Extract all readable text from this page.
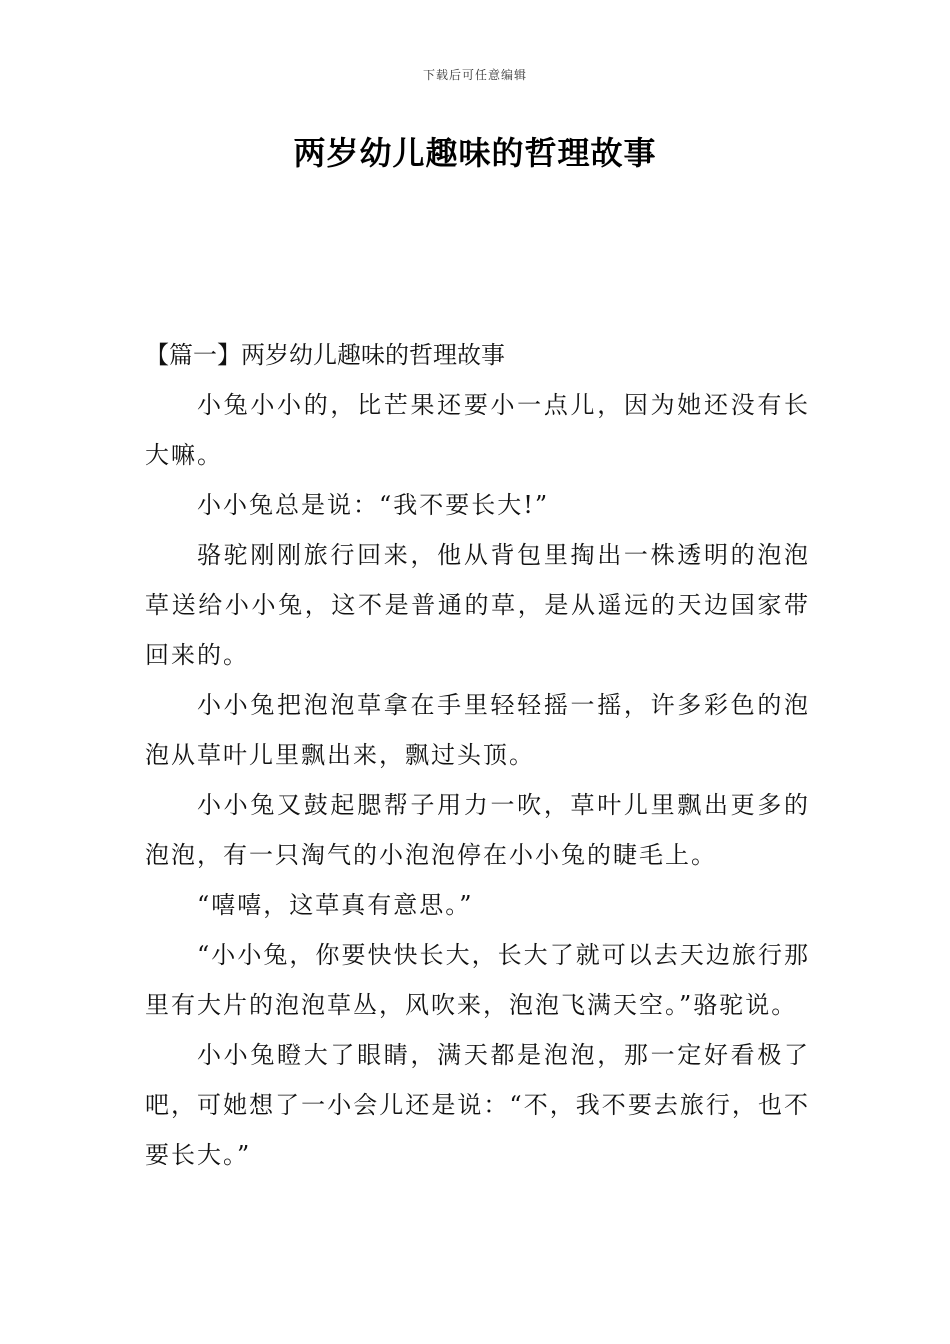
下载后可任意编辑
两岁幼儿趣味的哲理故事

【篇一】两岁幼儿趣味的哲理故事

小兔小小的，比芒果还要小一点儿，因为她还没有长大嘛。

小小兔总是说：“我不要长大!”

骆驼刚刚旅行回来，他从背包里掏出一株透明的泡泡草送给小小兔，这不是普通的草，是从遥远的天边国家带回来的。

小小兔把泡泡草拿在手里轻轻摇一摇，许多彩色的泡泡从草叶儿里飘出来，飘过头顶。

小小兔又鼓起腮帮子用力一吹，草叶儿里飘出更多的泡泡，有一只淘气的小泡泡停在小小兔的睫毛上。

“嘻嘻，这草真有意思。”

“小小兔，你要快快长大，长大了就可以去天边旅行那里有大片的泡泡草丛，风吹来，泡泡飞满天空。”骆驼说。

小小兔瞪大了眼睛，满天都是泡泡，那一定好看极了吧，可她想了一小会儿还是说：“不，我不要去旅行，也不要长大。”
